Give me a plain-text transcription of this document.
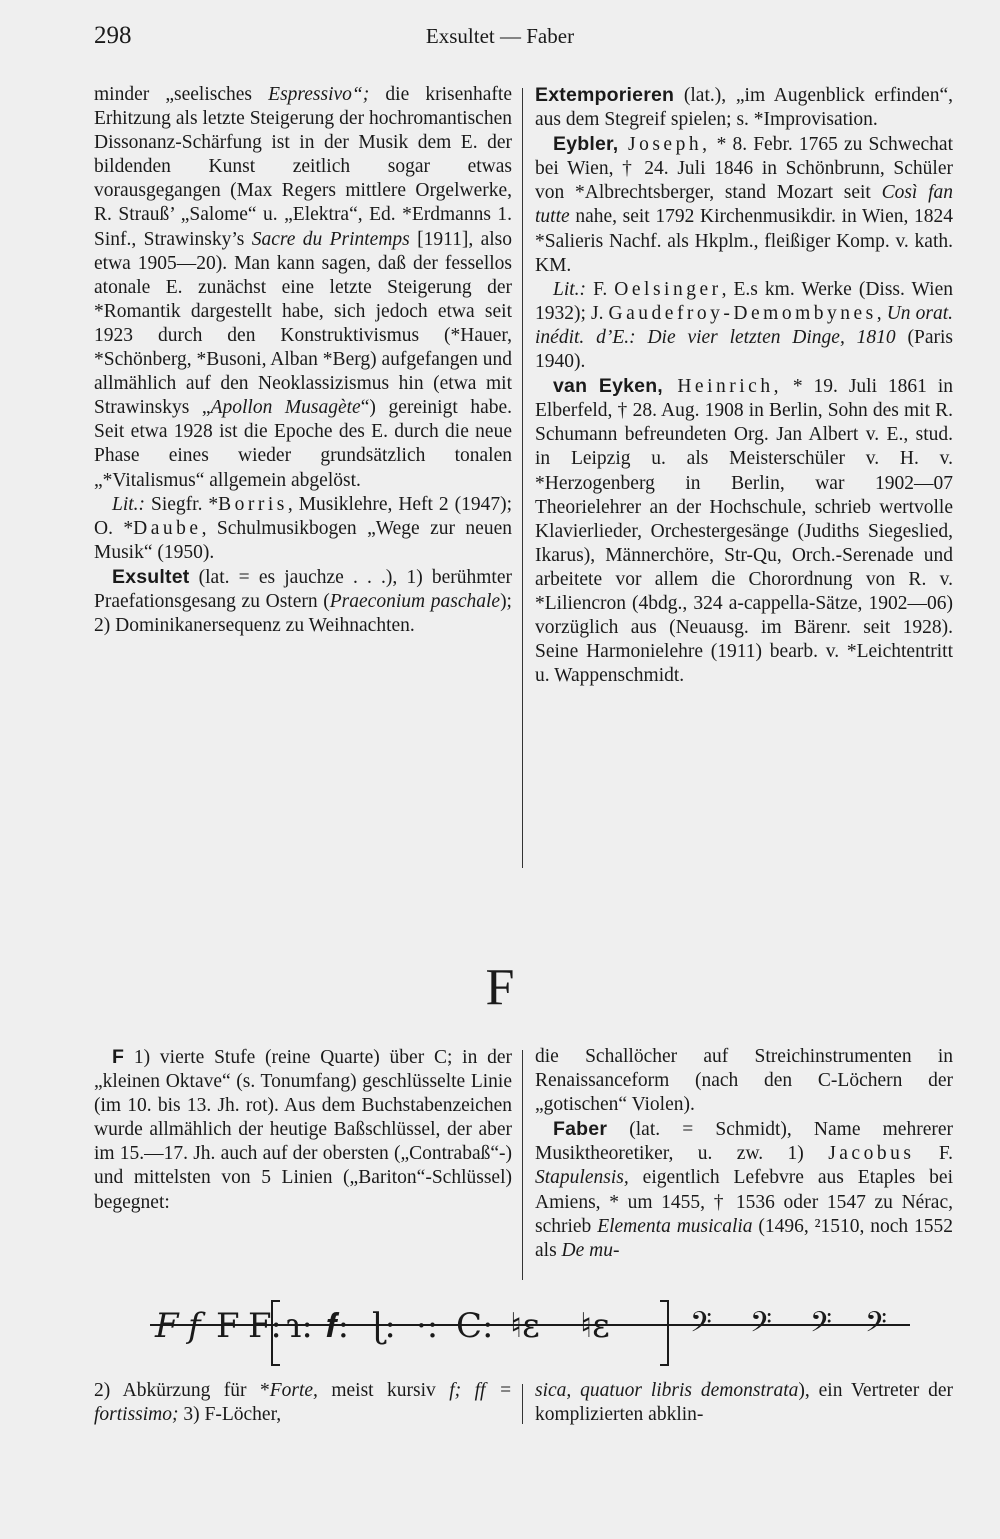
298	Exsultet — Faber

minder „seelisches Espressivo“; die krisenhafte Erhitzung als letzte Steigerung der hochromantischen Dissonanz-Schärfung ist in der Musik dem E. der bildenden Kunst zeitlich sogar etwas vorausgegangen (Max Regers mittlere Orgelwerke, R. Strauß’ „Salome“ u. „Elektra“, Ed. *Erdmanns 1. Sinf., Strawinsky’s Sacre du Printemps [1911], also etwa 1905—20). Man kann sagen, daß der fessellos atonale E. zunächst eine letzte Steigerung der *Romantik dargestellt habe, sich jedoch etwa seit 1923 durch den Konstruktivismus (*Hauer, *Schönberg, *Busoni, Alban *Berg) aufgefangen und allmählich auf den Neoklassizismus hin (etwa mit Strawinskys „Apollon Musagète“) gereinigt habe. Seit etwa 1928 ist die Epoche des E. durch die neue Phase eines wieder grundsätzlich tonalen „*Vitalismus“ allgemein abgelöst.

Lit.: Siegfr. *Borris, Musiklehre, Heft 2 (1947); O. *Daube, Schulmusikbogen „Wege zur neuen Musik“ (1950).

Exsultet (lat. = es jauchze . . .), 1) berühmter Praefationsgesang zu Ostern (Praeconium paschale); 2) Dominikanersequenz zu Weihnachten.

Extemporieren (lat.), „im Augenblick erfinden“, aus dem Stegreif spielen; s. *Improvisation.

Eybler, Joseph, * 8. Febr. 1765 zu Schwechat bei Wien, † 24. Juli 1846 in Schönbrunn, Schüler von *Albrechtsberger, stand Mozart seit Così fan tutte nahe, seit 1792 Kirchenmusikdir. in Wien, 1824 *Salieris Nachf. als Hkplm., fleißiger Komp. v. kath. KM.

Lit.: F. Oelsinger, E.s km. Werke (Diss. Wien 1932); J. Gaudefroy-Demombynes, Un orat. inédit. d’E.: Die vier letzten Dinge, 1810 (Paris 1940).

van Eyken, Heinrich, * 19. Juli 1861 in Elberfeld, † 28. Aug. 1908 in Berlin, Sohn des mit R. Schumann befreundeten Org. Jan Albert v. E., stud. in Leipzig u. als Meisterschüler v. H. v. *Herzogenberg in Berlin, war 1902—07 Theorielehrer an der Hochschule, schrieb wertvolle Klavierlieder, Orchestergesänge (Judiths Siegeslied, Ikarus), Männerchöre, Str-Qu, Orch.-Serenade und arbeitete vor allem die Chorordnung von R. v. *Liliencron (4bdg., 324 a-cappella-Sätze, 1902—06) vorzüglich aus (Neuausg. im Bärenr. seit 1928). Seine Harmonielehre (1911) bearb. v. *Leichtentritt u. Wappenschmidt.

F

F 1) vierte Stufe (reine Quarte) über C; in der „kleinen Oktave“ (s. Tonumfang) geschlüsselte Linie (im 10. bis 13. Jh. rot). Aus dem Buchstabenzeichen wurde allmählich der heutige Baßschlüssel, der aber im 15.—17. Jh. auch auf der obersten („Contrabaß“-) und mittelsten von 5 Linien („Bariton“-Schlüssel) begegnet:

die Schallöcher auf Streichinstrumenten in Renaissanceform (nach den C-Löchern der „gotischen“ Violen).

Faber (lat. = Schmidt), Name mehrerer Musiktheoretiker, u. zw. 1) Jacobus F. Stapulensis, eigentlich Lefebvre aus Etaples bei Amiens, * um 1455, † 1536 oder 1547 zu Nérac, schrieb Elementa musicalia (1496, ²1510, noch 1552 als De mu-

F f F F: ɿ: 𝒇: ɭ: ·: C: ♮ɛ ♮ɛ 𝄢 𝄢 𝄢 𝄢

2) Abkürzung für *Forte, meist kursiv f; ff = fortissimo; 3) F-Löcher,

sica, quatuor libris demonstrata), ein Vertreter der komplizierten abklin-
